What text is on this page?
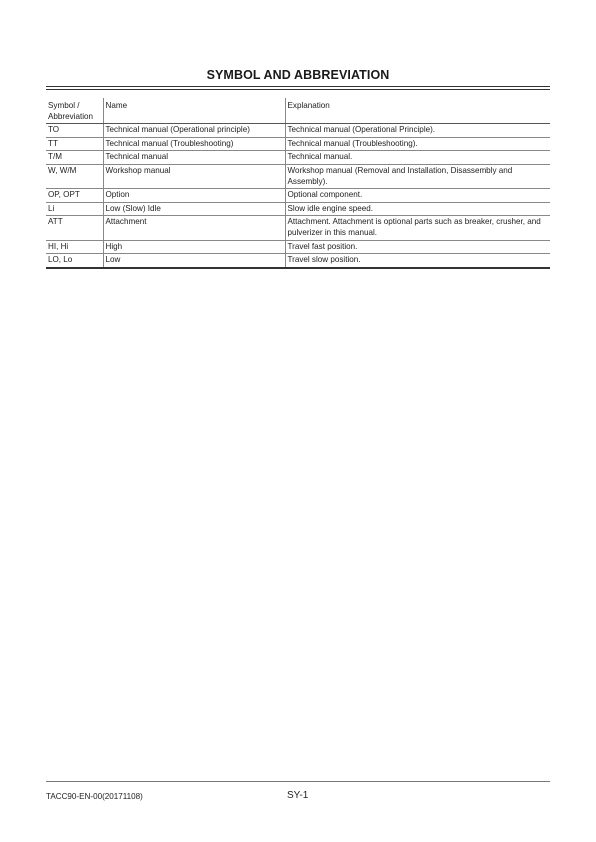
SYMBOL AND ABBREVIATION
Symbol / Abbreviation	Name	Explanation
TO	Technical manual (Operational principle)	Technical manual (Operational Principle).
TT	Technical manual (Troubleshooting)	Technical manual (Troubleshooting).
T/M	Technical manual	Technical manual.
W, W/M	Workshop manual	Workshop manual (Removal and Installation, Disassembly and Assembly).
OP, OPT	Option	Optional component.
Li	Low (Slow) Idle	Slow idle engine speed.
ATT	Attachment	Attachment. Attachment is optional parts such as breaker, crusher, and pulverizer in this manual.
HI, Hi	High	Travel fast position.
LO, Lo	Low	Travel slow position.
TACC90-EN-00(20171108)	SY-1
